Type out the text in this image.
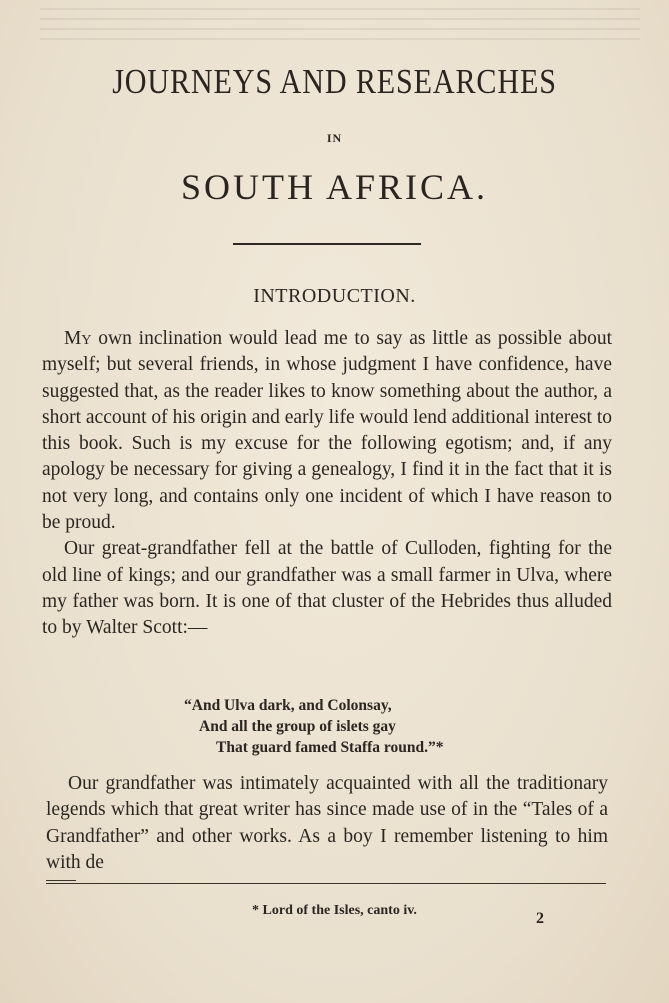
JOURNEYS AND RESEARCHES
IN
SOUTH AFRICA.
INTRODUCTION.

My own inclination would lead me to say as little as possible about myself; but several friends, in whose judgment I have confidence, have suggested that, as the reader likes to know something about the author, a short account of his origin and early life would lend additional interest to this book. Such is my excuse for the following egotism; and, if any apology be necessary for giving a genealogy, I find it in the fact that it is not very long, and contains only one incident of which I have reason to be proud.

Our great-grandfather fell at the battle of Culloden, fighting for the old line of kings; and our grandfather was a small farmer in Ulva, where my father was born. It is one of that cluster of the Hebrides thus alluded to by Walter Scott:—

“And Ulva dark, and Colonsay,
And all the group of islets gay
That guard famed Staffa round.”*

Our grandfather was intimately acquainted with all the traditionary legends which that great writer has since made use of in the “Tales of a Grandfather” and other works. As a boy I remember listening to him with de

* Lord of the Isles, canto iv.	2
